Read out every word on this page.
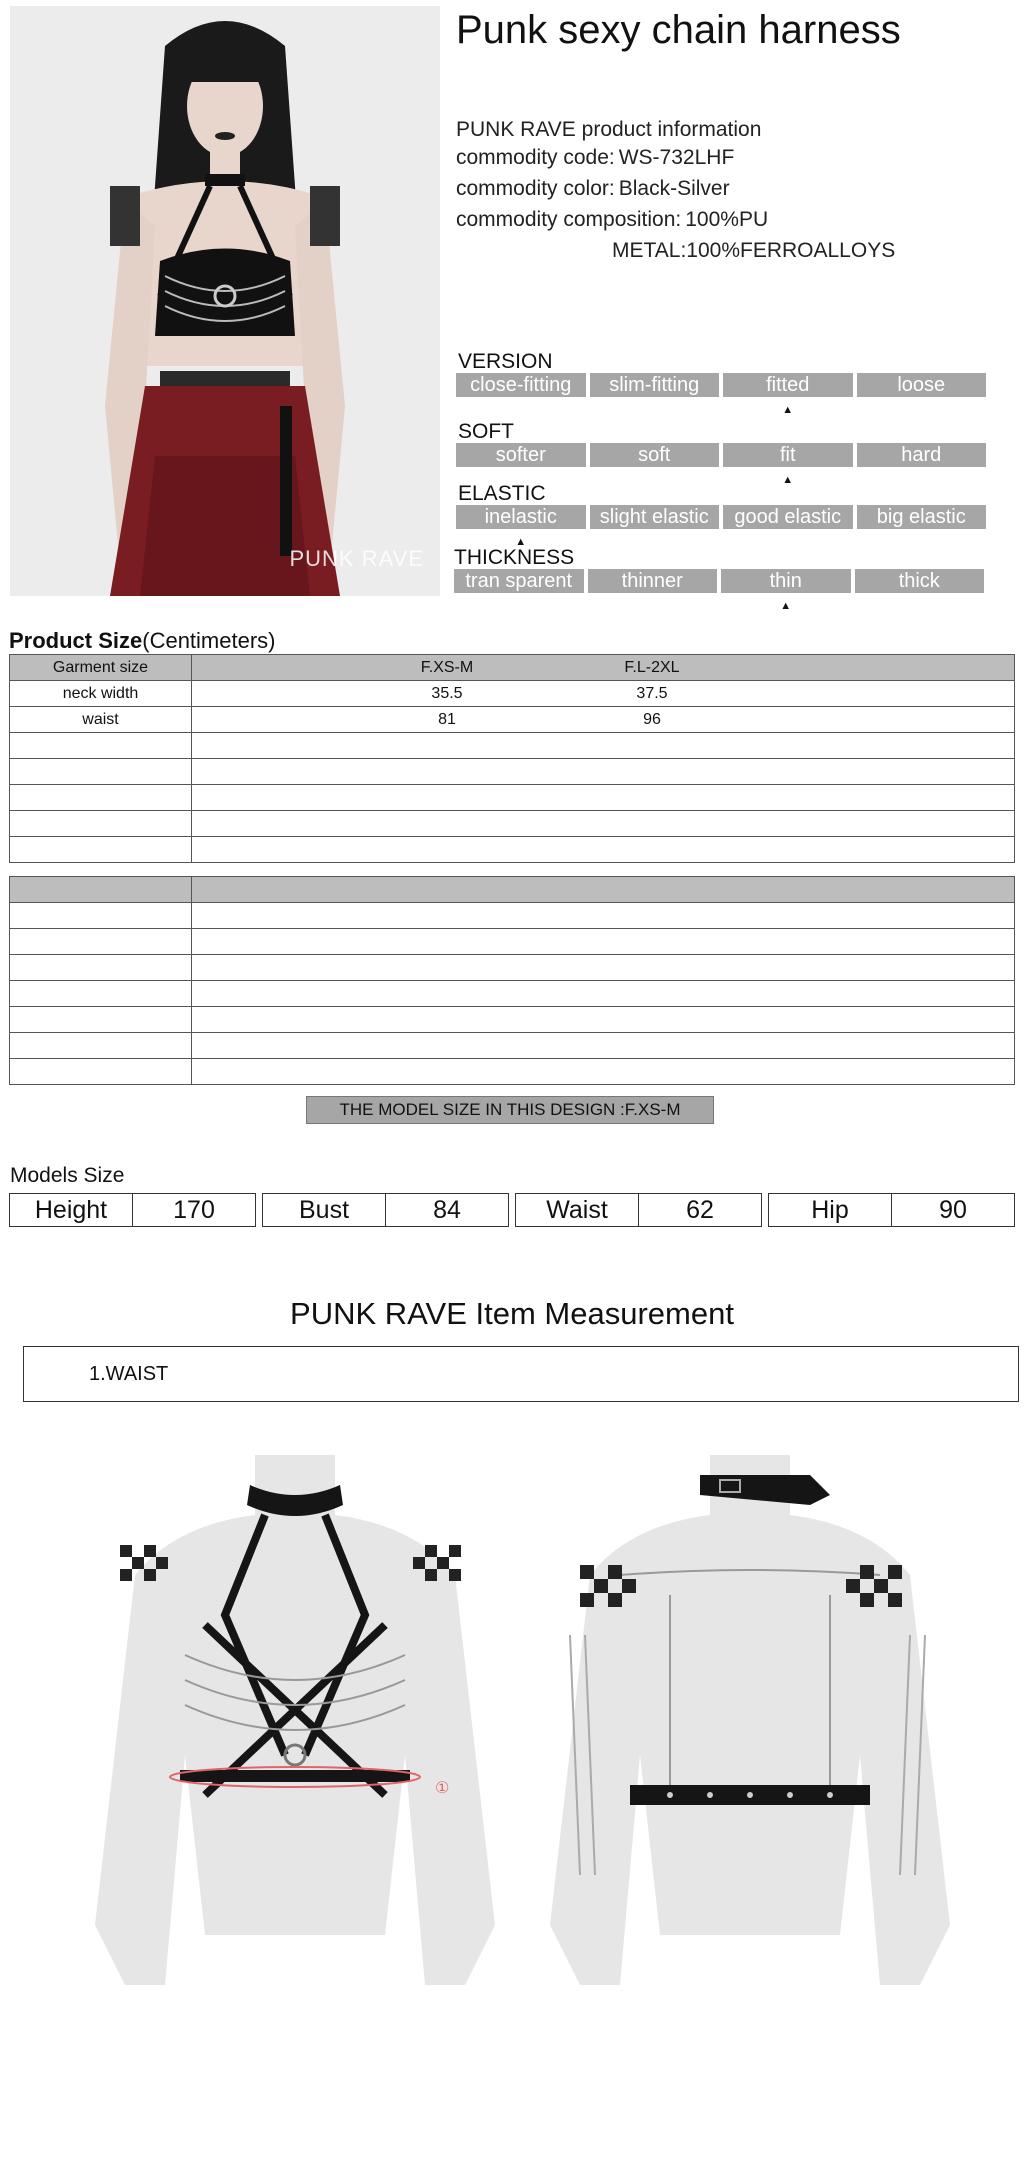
PUNK RAVE
Punk sexy chain harness
PUNK RAVE product information
commodity code: WS-732LHF
commodity color: Black-Silver
commodity composition: 100%PU
METAL:100%FERROALLOYS
VERSION
close-fitting	slim-fitting	fitted ▲	loose
SOFT
softer	soft	fit ▲	hard
ELASTIC
inelastic ▲	slight elastic	good elastic	big elastic
THICKNESS
tran sparent	thinner	thin ▲	thick
Product Size(Centimeters)
Garment size	F.XS-M F.L-2XL

neck width	35.5 37.5

waist	81 96

THE MODEL SIZE IN THIS DESIGN :F.XS-M
Models Size
Height	170	Bust	84	Waist	62	Hip	90
PUNK RAVE Item Measurement
1.WAIST
①
